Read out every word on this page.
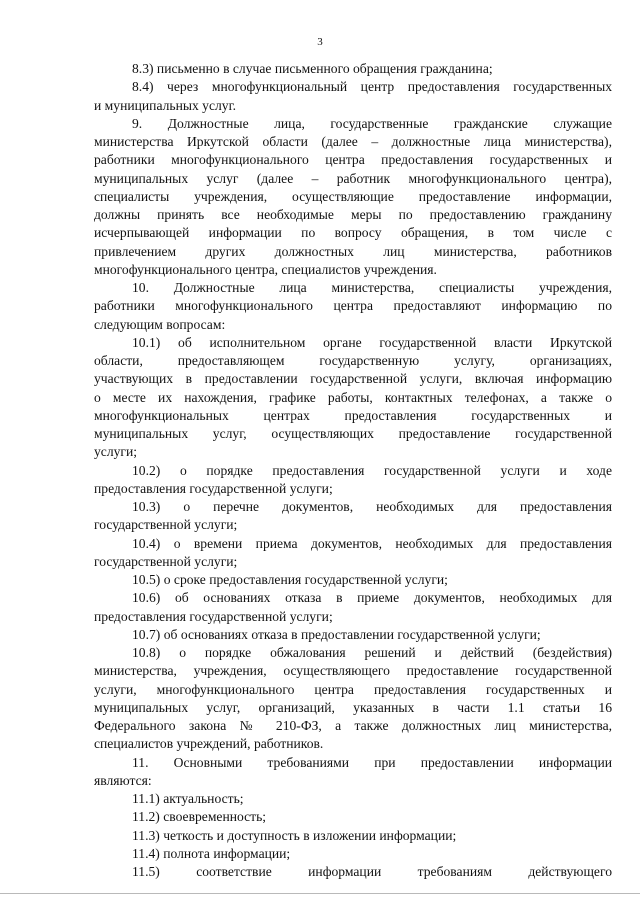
3
8.3) письменно в случае письменного обращения гражданина;
8.4) через многофункциональный центр предоставления государственных
и муниципальных услуг.
9. Должностные лица, государственные гражданские служащие
министерства Иркутской области (далее – должностные лица министерства),
работники многофункционального центра предоставления государственных и
муниципальных услуг (далее – работник многофункционального центра),
специалисты учреждения, осуществляющие предоставление информации,
должны принять все необходимые меры по предоставлению гражданину
исчерпывающей информации по вопросу обращения, в том числе с
привлечением других должностных лиц министерства, работников
многофункционального центра, специалистов учреждения.
10. Должностные лица министерства, специалисты учреждения,
работники многофункционального центра предоставляют информацию по
следующим вопросам:
10.1) об исполнительном органе государственной власти Иркутской
области, предоставляющем государственную услугу, организациях,
участвующих в предоставлении государственной услуги, включая информацию
о месте их нахождения, графике работы, контактных телефонах, а также о
многофункциональных центрах предоставления государственных и
муниципальных услуг, осуществляющих предоставление государственной
услуги;
10.2) о порядке предоставления государственной услуги и ходе
предоставления государственной услуги;
10.3) о перечне документов, необходимых для предоставления
государственной услуги;
10.4) о времени приема документов, необходимых для предоставления
государственной услуги;
10.5) о сроке предоставления государственной услуги;
10.6) об основаниях отказа в приеме документов, необходимых для
предоставления государственной услуги;
10.7) об основаниях отказа в предоставлении государственной услуги;
10.8) о порядке обжалования решений и действий (бездействия)
министерства, учреждения, осуществляющего предоставление государственной
услуги, многофункционального центра предоставления государственных и
муниципальных услуг, организаций, указанных в части 1.1 статьи 16
Федерального закона № 210-ФЗ, а также должностных лиц министерства,
специалистов учреждений, работников.
11. Основными требованиями при предоставлении информации
являются:
11.1) актуальность;
11.2) своевременность;
11.3) четкость и доступность в изложении информации;
11.4) полнота информации;
11.5) соответствие информации требованиям действующего
